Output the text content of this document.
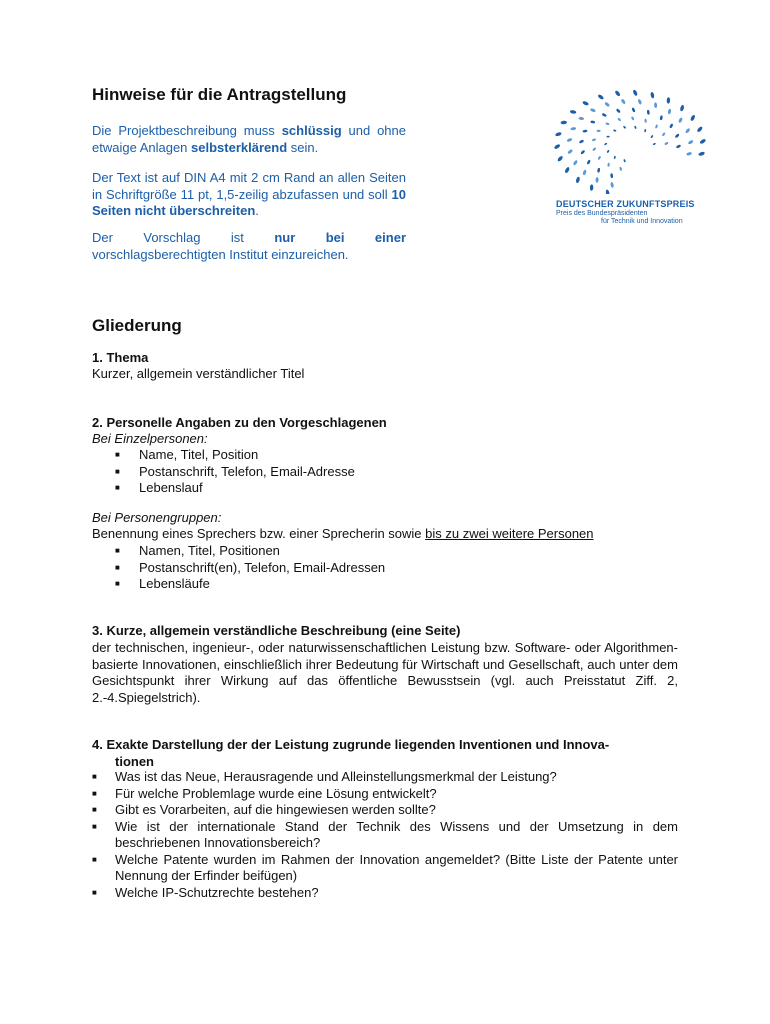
Hinweise für die Antragstellung

Die Projektbeschreibung muss schlüssig und ohne etwaige Anlagen selbsterklärend sein.

Der Text ist auf DIN A4 mit 2 cm Rand an allen Seiten in Schriftgröße 11 pt, 1,5-zeilig abzufassen und soll 10 Seiten nicht überschreiten.

Der Vorschlag ist nur bei einer vorschlagsberechtigten Institut einzureichen.

DEUTSCHER ZUKUNFTSPREIS
Preis des Bundespräsidenten
für Technik und Innovation
Gliederung
1. Thema
Kurzer, allgemein verständlicher Titel
2. Personelle Angaben zu den Vorgeschlagenen
Bei Einzelpersonen:
■ Name, Titel, Position
■ Postanschrift, Telefon, Email-Adresse
■ Lebenslauf
Bei Personengruppen:
Benennung eines Sprechers bzw. einer Sprecherin sowie bis zu zwei weitere Personen
■ Namen, Titel, Positionen
■ Postanschrift(en), Telefon, Email-Adressen
■ Lebensläufe
3. Kurze, allgemein verständliche Beschreibung (eine Seite)
der technischen, ingenieur-, oder naturwissenschaftlichen Leistung bzw. Software- oder Algorithmen-basierte Innovationen, einschließlich ihrer Bedeutung für Wirtschaft und Gesellschaft, auch unter dem Gesichtspunkt ihrer Wirkung auf das öffentliche Bewusstsein (vgl. auch Preisstatut Ziff. 2, 2.-4.Spiegelstrich).
4. Exakte Darstellung der der Leistung zugrunde liegenden Inventionen und Innova-
tionen
■ Was ist das Neue, Herausragende und Alleinstellungsmerkmal der Leistung?
■ Für welche Problemlage wurde eine Lösung entwickelt?
■ Gibt es Vorarbeiten, auf die hingewiesen werden sollte?
■ Wie ist der internationale Stand der Technik des Wissens und der Umsetzung in dem beschriebenen Innovationsbereich?
■ Welche Patente wurden im Rahmen der Innovation angemeldet? (Bitte Liste der Patente unter Nennung der Erfinder beifügen)
■ Welche IP-Schutzrechte bestehen?
